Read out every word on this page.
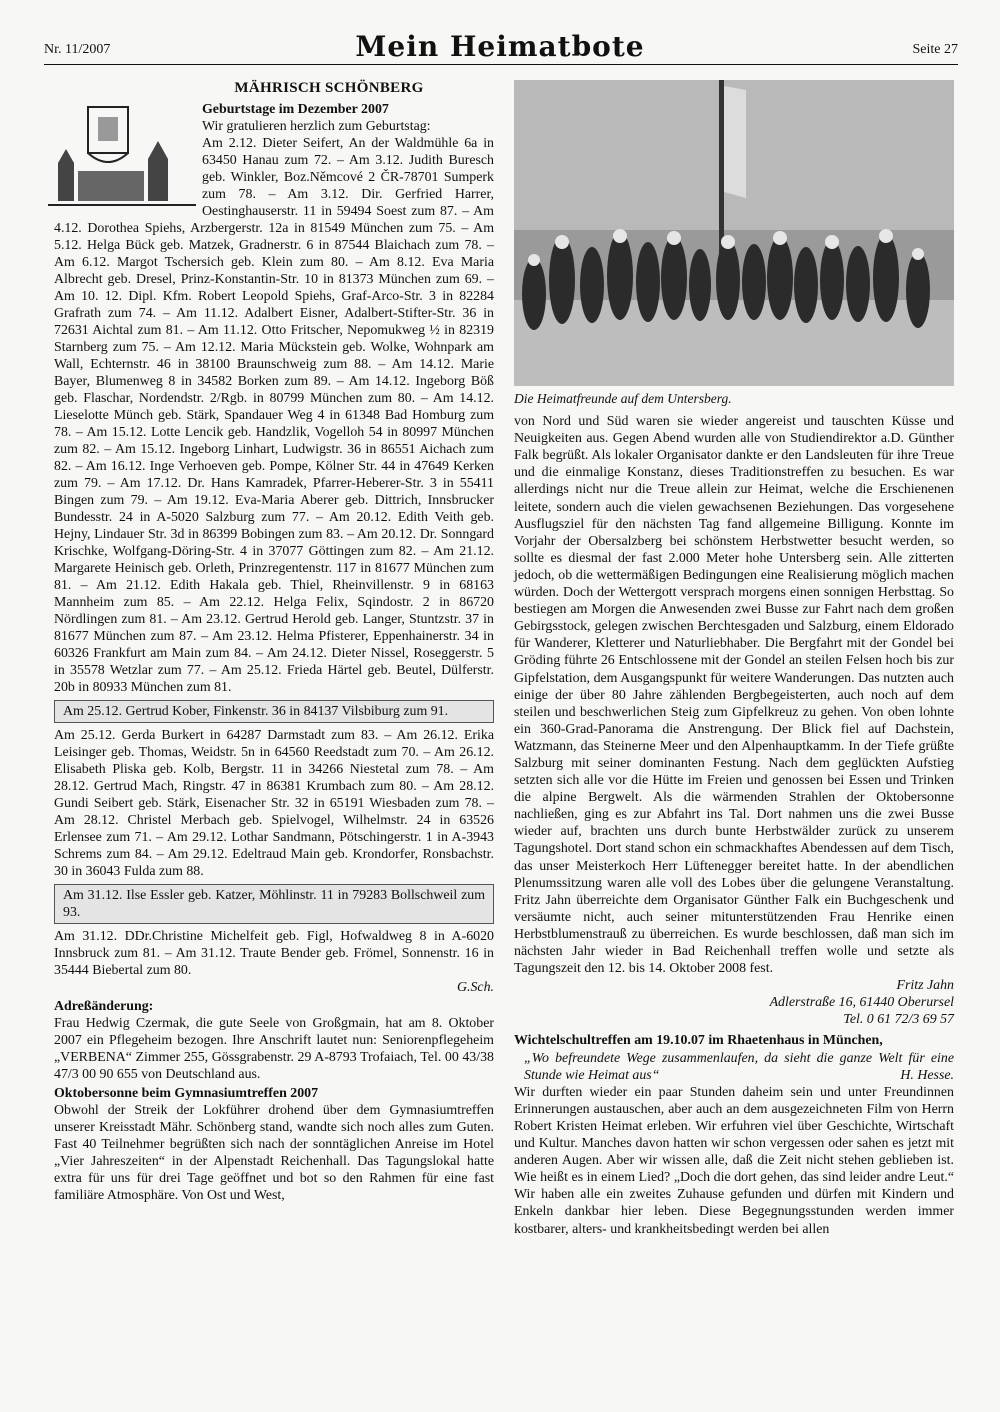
Nr. 11/2007	Mein Heimatbote	Seite 27
MÄHRISCH SCHÖNBERG

Geburtstage im Dezember 2007

Wir gratulieren herzlich zum Geburtstag:

Am 2.12. Dieter Seifert, An der Waldmühle 6a in 63450 Hanau zum 72. – Am 3.12. Judith Buresch geb. Winkler, Boz.Němcové 2 ČR-78701 Sumperk zum 78. – Am 3.12. Dir. Gerfried Harrer, Oestinghauserstr. 11 in 59494 Soest zum 87. – Am 4.12. Dorothea Spiehs, Arzbergerstr. 12a in 81549 München zum 75. – Am 5.12. Helga Bück geb. Matzek, Gradnerstr. 6 in 87544 Blaichach zum 78. – Am 6.12. Margot Tschersich geb. Klein zum 80. – Am 8.12. Eva Maria Albrecht geb. Dresel, Prinz-Konstantin-Str. 10 in 81373 München zum 69. – Am 10. 12. Dipl. Kfm. Robert Leopold Spiehs, Graf-Arco-Str. 3 in 82284 Grafrath zum 74. – Am 11.12. Adalbert Eisner, Adalbert-Stifter-Str. 36 in 72631 Aichtal zum 81. – Am 11.12. Otto Fritscher, Nepomukweg ½ in 82319 Starnberg zum 75. – Am 12.12. Maria Mückstein geb. Wolke, Wohnpark am Wall, Echternstr. 46 in 38100 Braunschweig zum 88. – Am 14.12. Marie Bayer, Blumenweg 8 in 34582 Borken zum 89. – Am 14.12. Ingeborg Böß geb. Flaschar, Nordendstr. 2/Rgb. in 80799 München zum 80. – Am 14.12. Lieselotte Münch geb. Stärk, Spandauer Weg 4 in 61348 Bad Homburg zum 78. – Am 15.12. Lotte Lencik geb. Handzlik, Vogelloh 54 in 80997 München zum 82. – Am 15.12. Ingeborg Linhart, Ludwigstr. 36 in 86551 Aichach zum 82. – Am 16.12. Inge Verhoeven geb. Pompe, Kölner Str. 44 in 47649 Kerken zum 79. – Am 17.12. Dr. Hans Kamradek, Pfarrer-Heberer-Str. 3 in 55411 Bingen zum 79. – Am 19.12. Eva-Maria Aberer geb. Dittrich, Innsbrucker Bundesstr. 24 in A-5020 Salzburg zum 77. – Am 20.12. Edith Veith geb. Hejny, Lindauer Str. 3d in 86399 Bobingen zum 83. – Am 20.12. Dr. Sonngard Krischke, Wolfgang-Döring-Str. 4 in 37077 Göttingen zum 82. – Am 21.12. Margarete Heinisch geb. Orleth, Prinzregentenstr. 117 in 81677 München zum 81. – Am 21.12. Edith Hakala geb. Thiel, Rheinvillenstr. 9 in 68163 Mannheim zum 85. – Am 22.12. Helga Felix, Sqindostr. 2 in 86720 Nördlingen zum 81. – Am 23.12. Gertrud Herold geb. Langer, Stuntzstr. 37 in 81677 München zum 87. – Am 23.12. Helma Pfisterer, Eppenhainerstr. 34 in 60326 Frankfurt am Main zum 84. – Am 24.12. Dieter Nissel, Roseggerstr. 5 in 35578 Wetzlar zum 77. – Am 25.12. Frieda Härtel geb. Beutel, Dülferstr. 20b in 80933 München zum 81.

Am 25.12. Gertrud Kober, Finkenstr. 36 in 84137 Vilsbiburg zum 91.

Am 25.12. Gerda Burkert in 64287 Darmstadt zum 83. – Am 26.12. Erika Leisinger geb. Thomas, Weidstr. 5n in 64560 Reedstadt zum 70. – Am 26.12. Elisabeth Pliska geb. Kolb, Bergstr. 11 in 34266 Niestetal zum 78. – Am 28.12. Gertrud Mach, Ringstr. 47 in 86381 Krumbach zum 80. – Am 28.12. Gundi Seibert geb. Stärk, Eisenacher Str. 32 in 65191 Wiesbaden zum 78. – Am 28.12. Christel Merbach geb. Spielvogel, Wilhelmstr. 24 in 63526 Erlensee zum 71. – Am 29.12. Lothar Sandmann, Pötschingerstr. 1 in A-3943 Schrems zum 84. – Am 29.12. Edeltraud Main geb. Krondorfer, Ronsbachstr. 30 in 36043 Fulda zum 88.

Am 31.12. Ilse Essler geb. Katzer, Möhlinstr. 11 in 79283 Bollschweil zum 93.

Am 31.12. DDr.Christine Michelfeit geb. Figl, Hofwaldweg 8 in A-6020 Innsbruck zum 81. – Am 31.12. Traute Bender geb. Frömel, Sonnenstr. 16 in 35444 Biebertal zum 80.

G.Sch.

Adreßänderung:

Frau Hedwig Czermak, die gute Seele von Großgmain, hat am 8. Oktober 2007 ein Pflegeheim bezogen. Ihre Anschrift lautet nun: Seniorenpflegeheim „VERBENA“ Zimmer 255, Gössgrabenstr. 29 A-8793 Trofaiach, Tel. 00 43/38 47/3 00 90 655 von Deutschland aus.

Oktobersonne beim Gymnasiumtreffen 2007

Obwohl der Streik der Lokführer drohend über dem Gymnasiumtreffen unserer Kreisstadt Mähr. Schönberg stand, wandte sich noch alles zum Guten. Fast 40 Teilnehmer begrüßten sich nach der sonntäglichen Anreise im Hotel „Vier Jahreszeiten“ in der Alpenstadt Reichenhall. Das Tagungslokal hatte extra für uns für drei Tage geöffnet und bot so den Rahmen für eine fast familiäre Atmosphäre. Von Ost und West,

Die Heimatfreunde auf dem Untersberg.

von Nord und Süd waren sie wieder angereist und tauschten Küsse und Neuigkeiten aus. Gegen Abend wurden alle von Studiendirektor a.D. Günther Falk begrüßt. Als lokaler Organisator dankte er den Landsleuten für ihre Treue und die einmalige Konstanz, dieses Traditionstreffen zu besuchen. Es war allerdings nicht nur die Treue allein zur Heimat, welche die Erschienenen leitete, sondern auch die vielen gewachsenen Beziehungen. Das vorgesehene Ausflugsziel für den nächsten Tag fand allgemeine Billigung. Konnte im Vorjahr der Obersalzberg bei schönstem Herbstwetter besucht werden, so sollte es diesmal der fast 2.000 Meter hohe Untersberg sein. Alle zitterten jedoch, ob die wettermäßigen Bedingungen eine Realisierung möglich machen würden. Doch der Wettergott versprach morgens einen sonnigen Herbsttag. So bestiegen am Morgen die Anwesenden zwei Busse zur Fahrt nach dem großen Gebirgsstock, gelegen zwischen Berchtesgaden und Salzburg, einem Eldorado für Wanderer, Kletterer und Naturliebhaber. Die Bergfahrt mit der Gondel bei Gröding führte 26 Entschlossene mit der Gondel an steilen Felsen hoch bis zur Gipfelstation, dem Ausgangspunkt für weitere Wanderungen. Das nutzten auch einige der über 80 Jahre zählenden Bergbegeisterten, auch noch auf dem steilen und beschwerlichen Steig zum Gipfelkreuz zu gehen. Von oben lohnte ein 360-Grad-Panorama die Anstrengung. Der Blick fiel auf Dachstein, Watzmann, das Steinerne Meer und den Alpenhauptkamm. In der Tiefe grüßte Salzburg mit seiner dominanten Festung. Nach dem geglückten Aufstieg setzten sich alle vor die Hütte im Freien und genossen bei Essen und Trinken die alpine Bergwelt. Als die wärmenden Strahlen der Oktobersonne nachließen, ging es zur Abfahrt ins Tal. Dort nahmen uns die zwei Busse wieder auf, brachten uns durch bunte Herbstwälder zurück zu unserem Tagungshotel. Dort stand schon ein schmackhaftes Abendessen auf dem Tisch, das unser Meisterkoch Herr Lüftenegger bereitet hatte. In der abendlichen Plenumssitzung waren alle voll des Lobes über die gelungene Veranstaltung. Fritz Jahn überreichte dem Organisator Günther Falk ein Buchgeschenk und versäumte nicht, auch seiner mitunterstützenden Frau Henrike einen Herbstblumenstrauß zu überreichen. Es wurde beschlossen, daß man sich im nächsten Jahr wieder in Bad Reichenhall treffen wolle und setzte als Tagungszeit den 12. bis 14. Oktober 2008 fest.

Fritz Jahn
Adlerstraße 16, 61440 Oberursel
Tel. 0 61 72/3 69 57

Wichtelschultreffen am 19.10.07 im Rhaetenhaus in München,

„Wo befreundete Wege zusammenlaufen, da sieht die ganze Welt für eine Stunde wie Heimat aus“	H. Hesse.

Wir durften wieder ein paar Stunden daheim sein und unter Freundinnen Erinnerungen austauschen, aber auch an dem ausgezeichneten Film von Herrn Robert Kristen Heimat erleben. Wir erfuhren viel über Geschichte, Wirtschaft und Kultur. Manches davon hatten wir schon vergessen oder sahen es jetzt mit anderen Augen. Aber wir wissen alle, daß die Zeit nicht stehen geblieben ist. Wie heißt es in einem Lied? „Doch die dort gehen, das sind leider andre Leut.“ Wir haben alle ein zweites Zuhause gefunden und dürfen mit Kindern und Enkeln dankbar hier leben. Diese Begegnungsstunden werden immer kostbarer, alters- und krankheitsbedingt werden bei allen
